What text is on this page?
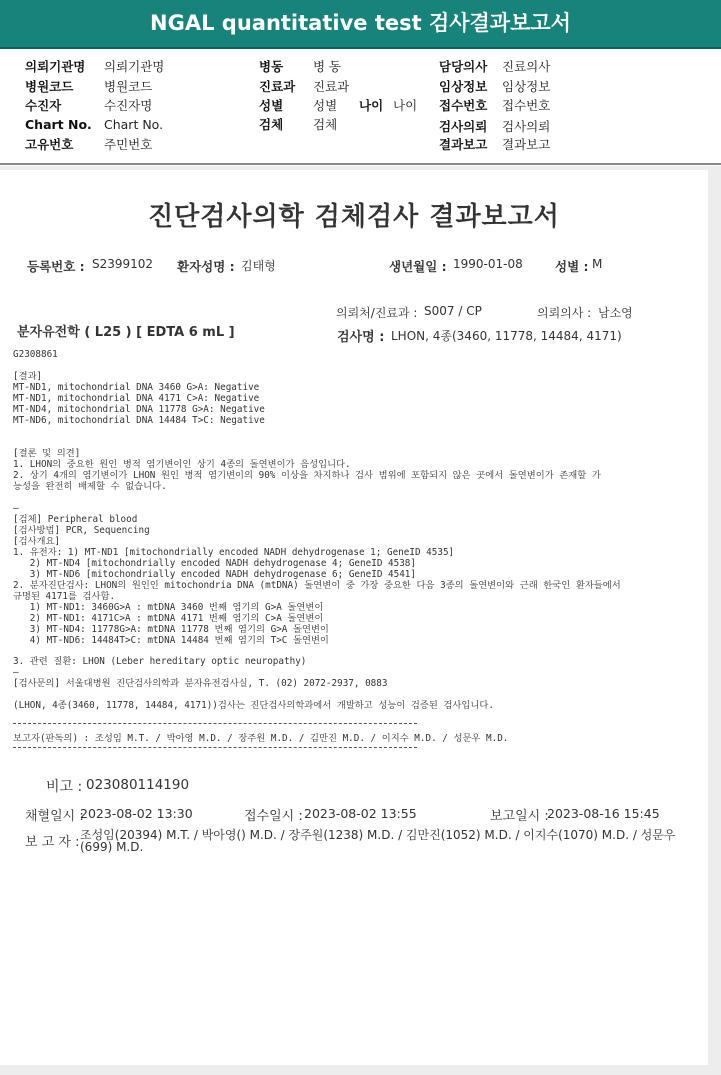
NGAL quantitative test 검사결과보고서
의뢰기관명 의뢰기관명
병원코드 병원코드
수진자	수진자명
Chart No. Chart No.
고유번호 주민번호
병동 병 동
진료과 진료과
성별 성별 나이 나이
검체 검체
담당의사 진료의사
임상정보 임상정보
접수번호 접수번호
검사의뢰 검사의뢰
결과보고 결과보고
진단검사의학 검체검사 결과보고서
등록번호 : S2399102 환자성명 : 김태형	생년월일 : 1990-01-08	성별 : M
의뢰처/진료과 : S007 / CP	의뢰의사 : 남소영
분자유전학 ( L25 ) [ EDTA 6 mL ]	검사명 : LHON, 4종(3460, 11778, 14484, 4171)
G2308861
[결과]
MT-ND1, mitochondrial DNA 3460 G>A: Negative
MT-ND1, mitochondrial DNA 4171 C>A: Negative
MT-ND4, mitochondrial DNA 11778 G>A: Negative
MT-ND6, mitochondrial DNA 14484 T>C: Negative
[결론 및 의견]
1. LHON의 중요한 원인 병적 염기변이인 상기 4종의 돌연변이가 음성입니다.
2. 상기 4개의 염기변이가 LHON 원인 병적 염기변이의 90% 이상을 차지하나 검사 범위에 포함되지 않은 곳에서 돌연변이가 존재할 가
능성을 완전히 배제할 수 없습니다.
—
[검체] Peripheral blood
[검사방법] PCR, Sequencing
[검사개요]
1. 유전자: 1) MT-ND1 [mitochondrially encoded NADH dehydrogenase 1; GeneID 4535]
2) MT-ND4 [mitochondrially encoded NADH dehydrogenase 4; GeneID 4538]
3) MT-ND6 [mitochondrially encoded NADH dehydrogenase 6; GeneID 4541]
2. 분자진단검사: LHON의 원인인 mitochondria DNA (mtDNA) 돌연변이 중 가장 중요한 다음 3종의 돌연변이와 근래 한국인 환자들에서
규명된 4171를 검사함.
1) MT-ND1: 3460G>A : mtDNA 3460 번째 염기의 G>A 돌연변이
2) MT-ND1: 4171C>A : mtDNA 4171 번째 염기의 C>A 돌연변이
3) MT-ND4: 11778G>A: mtDNA 11778 번째 염기의 G>A 돌연변이
4) MT-ND6: 14484T>C: mtDNA 14484 번째 염기의 T>C 돌연변이
3. 관련 질환: LHON (Leber hereditary optic neuropathy)
—
[검사문의] 서울대병원 진단검사의학과 분자유전검사실, T. (02) 2072-2937, 0883
(LHON, 4종(3460, 11778, 14484, 4171))검사는 진단검사의학과에서 개발하고 성능이 검증된 검사입니다.
보고자(판독의) : 조성임 M.T. / 박아영 M.D. / 장주원 M.D. / 김만진 M.D. / 이지수 M.D. / 성문우 M.D.
비고 : 023080114190
채혈일시 :
2023-08-02 13:30	접수일시 : 2023-08-02 13:55	보고일시 :
2023-08-16 15:45
보 고 자 : 조성임(20394) M.T. / 박아영() M.D. / 장주원(1238) M.D. / 김만진(1052) M.D. / 이지수(1070) M.D. / 성문우
(699) M.D.
